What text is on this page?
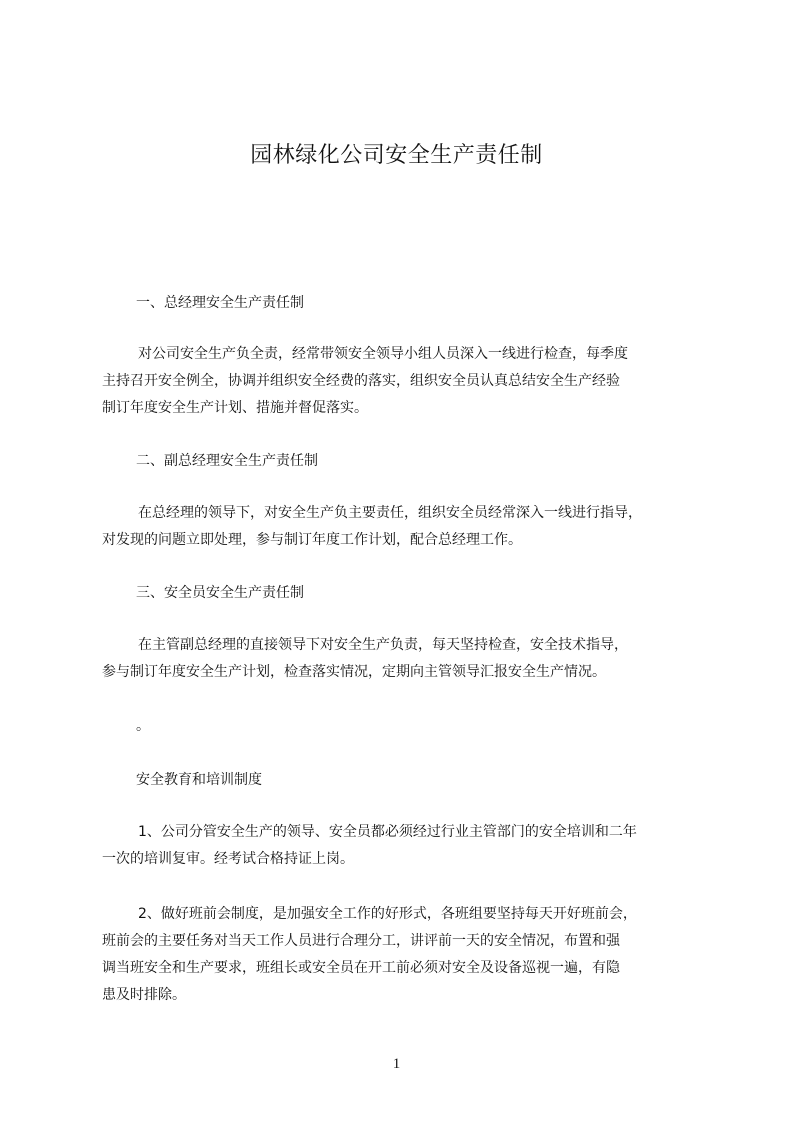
园林绿化公司安全生产责任制
一、总经理安全生产责任制
对公司安全生产负全责，经常带领安全领导小组人员深入一线进行检查，每季度
主持召开安全例全，协调并组织安全经费的落实，组织安全员认真总结安全生产经验
制订年度安全生产计划、措施并督促落实。
二、副总经理安全生产责任制
在总经理的领导下，对安全生产负主要责任，组织安全员经常深入一线进行指导，
对发现的问题立即处理，参与制订年度工作计划，配合总经理工作。
三、安全员安全生产责任制
在主管副总经理的直接领导下对安全生产负责，每天坚持检查，安全技术指导，
参与制订年度安全生产计划，检查落实情况，定期向主管领导汇报安全生产情况。
。
安全教育和培训制度
1、公司分管安全生产的领导、安全员都必须经过行业主管部门的安全培训和二年
一次的培训复审。经考试合格持证上岗。
2、做好班前会制度，是加强安全工作的好形式，各班组要坚持每天开好班前会，
班前会的主要任务对当天工作人员进行合理分工，讲评前一天的安全情况，布置和强
调当班安全和生产要求，班组长或安全员在开工前必须对安全及设备巡视一遍，有隐
患及时排除。
1
